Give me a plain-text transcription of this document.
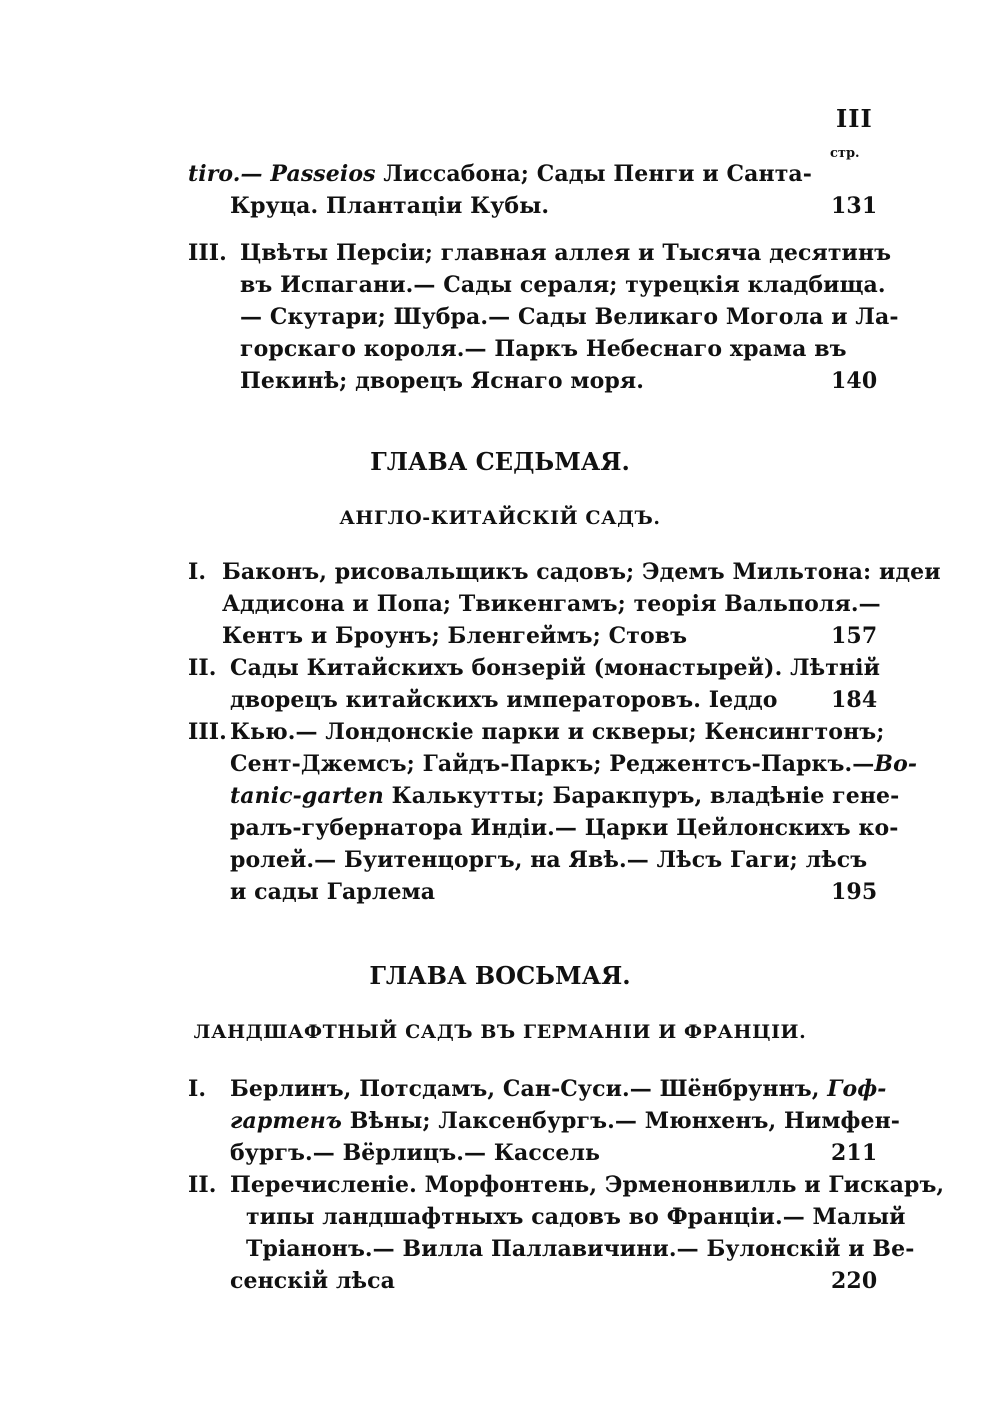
III
стр.
tiro.— Passeios Лиссабона; Сады Пенги и Санта-
Круца. Плантаціи Кубы.	131
III. Цвѣты Персіи; главная аллея и Тысяча десятинъ
въ Испагани.— Сады сераля; турецкія кладбища.
— Скутари; Шубра.— Сады Великаго Могола и Ла-
горскаго короля.— Паркъ Небеснаго храма въ
Пекинѣ; дворецъ Яснаго моря.	140
ГЛАВА СЕДЬМАЯ.
АНГЛО-КИТАЙСКІЙ САДЪ.
I. Баконъ, рисовальщикъ садовъ; Эдемъ Мильтона: идеи
Аддисона и Попа; Твикенгамъ; теорія Вальполя.—
Кентъ и Броунъ; Бленгеймъ; Стовъ	157
II. Сады Китайскихъ бонзерій (монастырей). Лѣтній
дворецъ китайскихъ императоровъ. Іеддо 184
III. Кью.— Лондонскіе парки и скверы; Кенсингтонъ;
Сент-Джемсъ; Гайдъ-Паркъ; Реджентсъ-Паркъ.—Bo-
tanic-garten Калькутты; Баракпуръ, владѣніе гене-
ралъ-губернатора Индіи.— Царки Цейлонскихъ ко-
ролей.— Буитенцоргъ, на Явѣ.— Лѣсъ Гаги; лѣсъ
и сады Гарлема	195
ГЛАВА ВОСЬМАЯ.
ЛАНДШАФТНЫЙ САДЪ ВЪ ГЕРМАНІИ И ФРАНЦІИ.
I. Берлинъ, Потсдамъ, Сан-Суси.— Шёнбруннъ, Гоф-
гартенъ Вѣны; Лаксенбургъ.— Мюнхенъ, Нимфен-
бургъ.— Вёрлицъ.— Кассель	211
II. Перечисленіе. Морфонтень, Эрменонвилль и Гискаръ,
типы ландшафтныхъ садовъ во Франціи.— Малый
Тріанонъ.— Вилла Паллавичини.— Булонскій и Ве-
сенскій лѣса	220
